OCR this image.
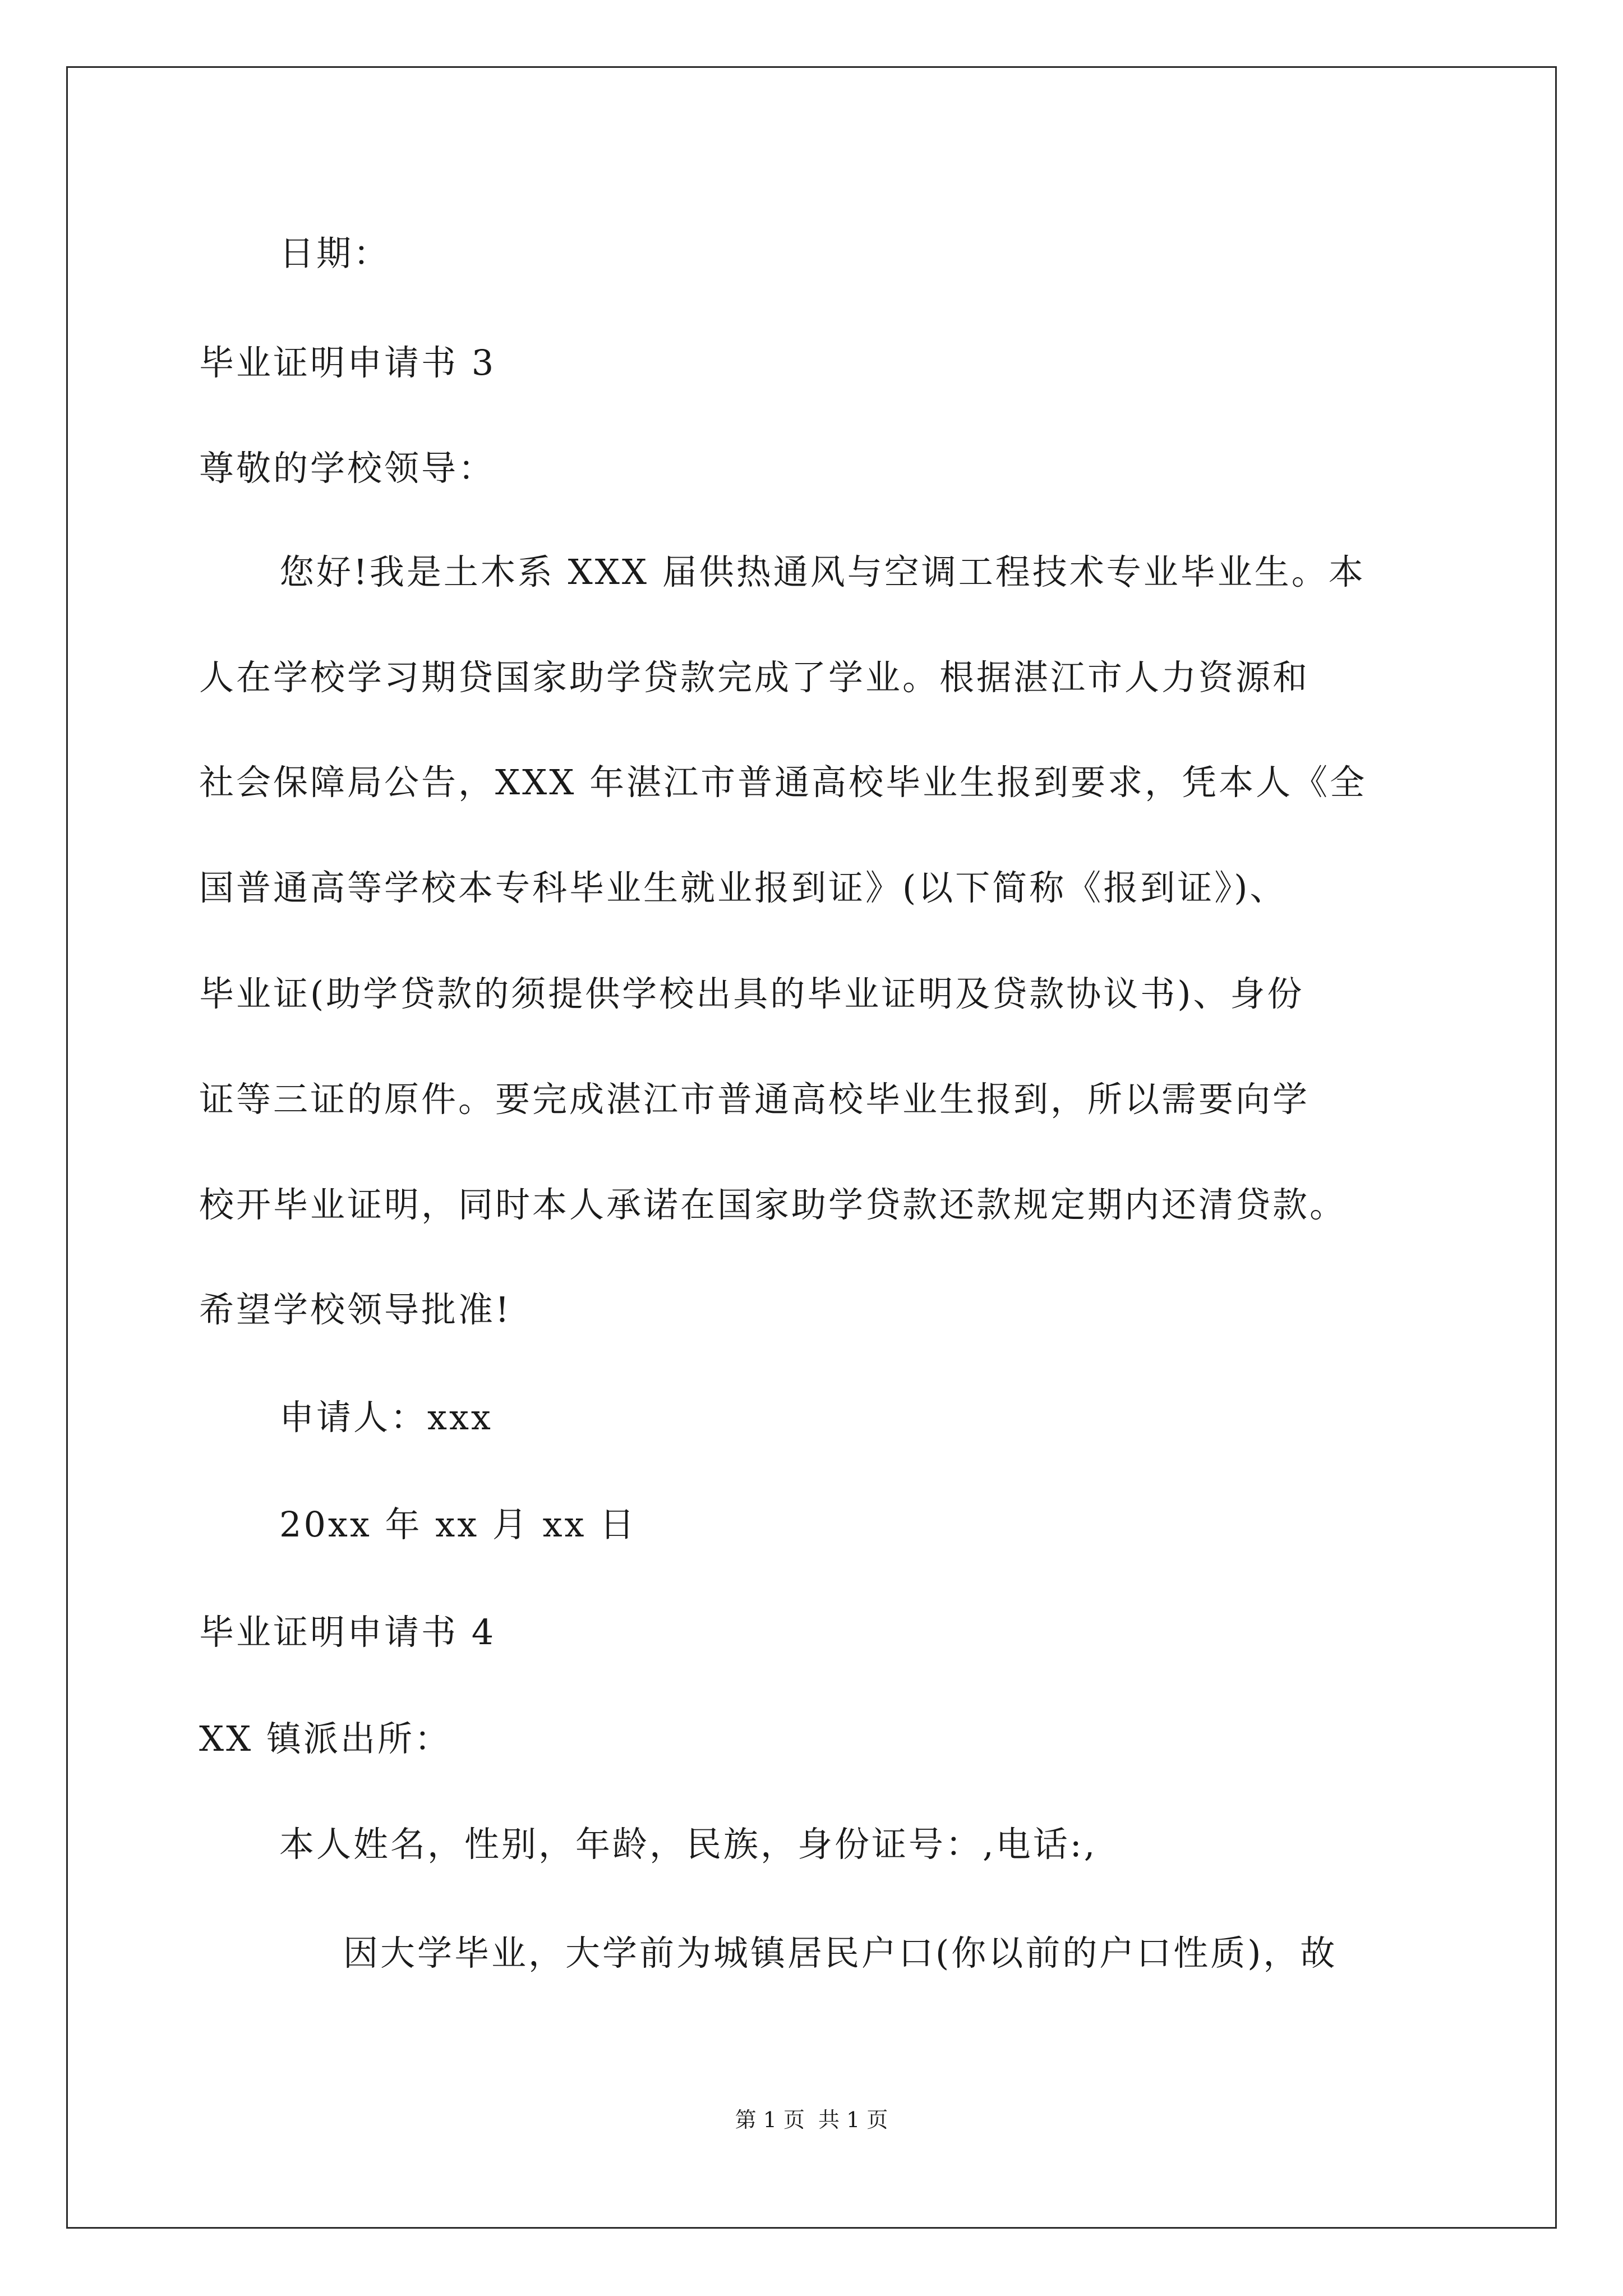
日期：
毕业证明申请书 3
尊敬的学校领导：
您好!我是土木系 XXX 届供热通风与空调工程技术专业毕业生。本
人在学校学习期贷国家助学贷款完成了学业。根据湛江市人力资源和
社会保障局公告，XXX 年湛江市普通高校毕业生报到要求，凭本人《全
国普通高等学校本专科毕业生就业报到证》(以下简称《报到证》)、
毕业证(助学贷款的须提供学校出具的毕业证明及贷款协议书)、身份
证等三证的原件。要完成湛江市普通高校毕业生报到，所以需要向学
校开毕业证明，同时本人承诺在国家助学贷款还款规定期内还清贷款。
希望学校领导批准!
申请人：xxx
20xx 年 xx 月 xx 日
毕业证明申请书 4
XX 镇派出所：
本人姓名，性别，年龄，民族，身份证号：,电话:,
因大学毕业，大学前为城镇居民户口(你以前的户口性质)，故
第 1 页 共 1 页
